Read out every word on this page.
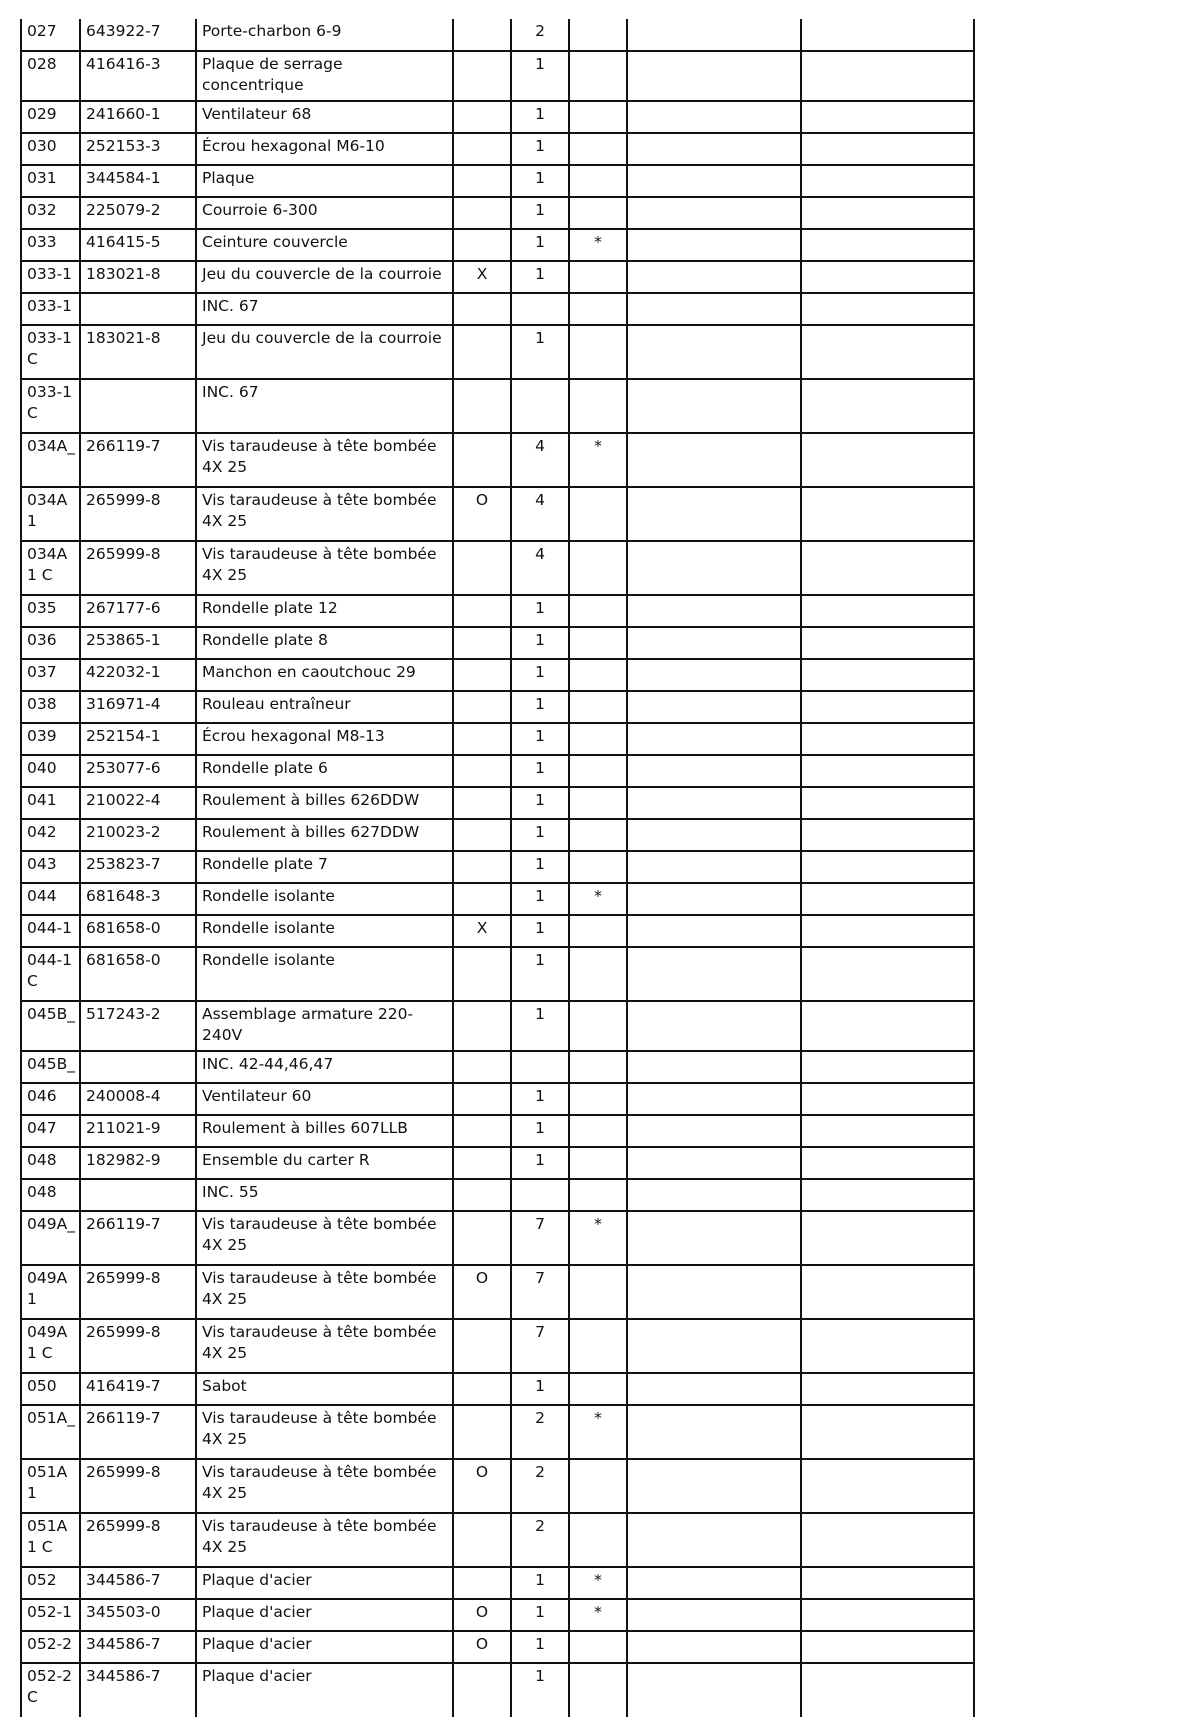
027	643922-7	Porte-charbon 6-9		2			
028	416416-3	Plaque de serrage concentrique		1			
029	241660-1	Ventilateur 68		1			
030	252153-3	Écrou hexagonal M6-10		1			
031	344584-1	Plaque		1			
032	225079-2	Courroie 6-300		1			
033	416415-5	Ceinture couvercle		1	*		
033-1	183021-8	Jeu du couvercle de la courroie	X	1			
033-1		INC. 67					
033-1 C	183021-8	Jeu du couvercle de la courroie		1			
033-1 C		INC. 67					
034A_	266119-7	Vis taraudeuse à tête bombée 4X 25		4	*		
034A1	265999-8	Vis taraudeuse à tête bombée 4X 25	O	4			
034A1 C	265999-8	Vis taraudeuse à tête bombée 4X 25		4			
035	267177-6	Rondelle plate 12		1			
036	253865-1	Rondelle plate 8		1			
037	422032-1	Manchon en caoutchouc 29		1			
038	316971-4	Rouleau entraîneur		1			
039	252154-1	Écrou hexagonal M8-13		1			
040	253077-6	Rondelle plate 6		1			
041	210022-4	Roulement à billes 626DDW		1			
042	210023-2	Roulement à billes 627DDW		1			
043	253823-7	Rondelle plate 7		1			
044	681648-3	Rondelle isolante		1	*		
044-1	681658-0	Rondelle isolante	X	1			
044-1 C	681658-0	Rondelle isolante		1			
045B_	517243-2	Assemblage armature 220-240V		1			
045B_		INC. 42-44,46,47					
046	240008-4	Ventilateur 60		1			
047	211021-9	Roulement à billes 607LLB		1			
048	182982-9	Ensemble du carter R		1			
048		INC. 55					
049A_	266119-7	Vis taraudeuse à tête bombée 4X 25		7	*		
049A1	265999-8	Vis taraudeuse à tête bombée 4X 25	O	7			
049A1 C	265999-8	Vis taraudeuse à tête bombée 4X 25		7			
050	416419-7	Sabot		1			
051A_	266119-7	Vis taraudeuse à tête bombée 4X 25		2	*		
051A1	265999-8	Vis taraudeuse à tête bombée 4X 25	O	2			
051A1 C	265999-8	Vis taraudeuse à tête bombée 4X 25		2			
052	344586-7	Plaque d'acier		1	*		
052-1	345503-0	Plaque d'acier	O	1	*		
052-2	344586-7	Plaque d'acier	O	1			
052-2 C	344586-7	Plaque d'acier		1			
